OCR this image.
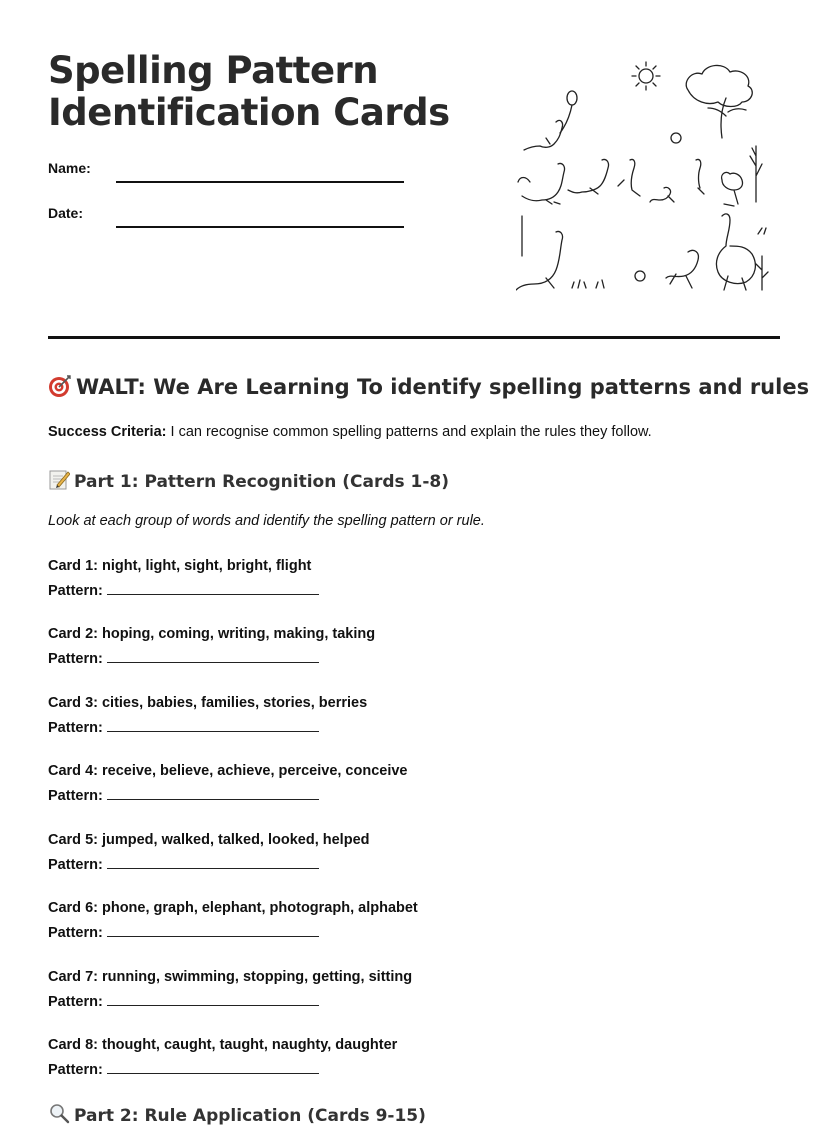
Spelling Pattern
Identification Cards
Name:
Date:
WALT: We Are Learning To identify spelling patterns and rules
Success Criteria: I can recognise common spelling patterns and explain the rules they follow.
Part 1: Pattern Recognition (Cards 1-8)
Look at each group of words and identify the spelling pattern or rule.
Card 1: night, light, sight, bright, flight
Pattern:
Card 2: hoping, coming, writing, making, taking
Pattern:
Card 3: cities, babies, families, stories, berries
Pattern:
Card 4: receive, believe, achieve, perceive, conceive
Pattern:
Card 5: jumped, walked, talked, looked, helped
Pattern:
Card 6: phone, graph, elephant, photograph, alphabet
Pattern:
Card 7: running, swimming, stopping, getting, sitting
Pattern:
Card 8: thought, caught, taught, naughty, daughter
Pattern:
Part 2: Rule Application (Cards 9-15)
